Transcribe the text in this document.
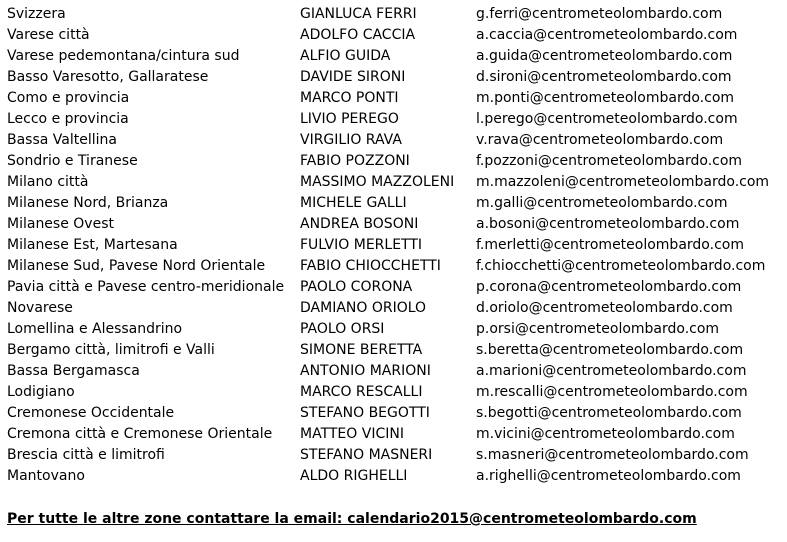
Svizzera	GIANLUCA FERRI	g.ferri@centrometeolombardo.com
Varese città	ADOLFO CACCIA	a.caccia@centrometeolombardo.com
Varese pedemontana/cintura sud	ALFIO GUIDA	a.guida@centrometeolombardo.com
Basso Varesotto, Gallaratese	DAVIDE SIRONI	d.sironi@centrometeolombardo.com
Como e provincia	MARCO PONTI	m.ponti@centrometeolombardo.com
Lecco e provincia	LIVIO PEREGO	l.perego@centrometeolombardo.com
Bassa Valtellina	VIRGILIO RAVA	v.rava@centrometeolombardo.com
Sondrio e Tiranese	FABIO POZZONI	f.pozzoni@centrometeolombardo.com
Milano città	MASSIMO MAZZOLENI	m.mazzoleni@centrometeolombardo.com
Milanese Nord, Brianza	MICHELE GALLI	m.galli@centrometeolombardo.com
Milanese Ovest	ANDREA BOSONI	a.bosoni@centrometeolombardo.com
Milanese Est, Martesana	FULVIO MERLETTI	f.merletti@centrometeolombardo.com
Milanese Sud, Pavese Nord Orientale	FABIO CHIOCCHETTI	f.chiocchetti@centrometeolombardo.com
Pavia città e Pavese centro-meridionale	PAOLO CORONA	p.corona@centrometeolombardo.com
Novarese	DAMIANO ORIOLO	d.oriolo@centrometeolombardo.com
Lomellina e Alessandrino	PAOLO ORSI	p.orsi@centrometeolombardo.com
Bergamo città, limitrofi e Valli	SIMONE BERETTA	s.beretta@centrometeolombardo.com
Bassa Bergamasca	ANTONIO MARIONI	a.marioni@centrometeolombardo.com
Lodigiano	MARCO RESCALLI	m.rescalli@centrometeolombardo.com
Cremonese Occidentale	STEFANO BEGOTTI	s.begotti@centrometeolombardo.com
Cremona città e Cremonese Orientale	MATTEO VICINI	m.vicini@centrometeolombardo.com
Brescia città e limitrofi	STEFANO MASNERI	s.masneri@centrometeolombardo.com
Mantovano	ALDO RIGHELLI	a.righelli@centrometeolombardo.com
Per tutte le altre zone contattare la email: calendario2015@centrometeolombardo.com
